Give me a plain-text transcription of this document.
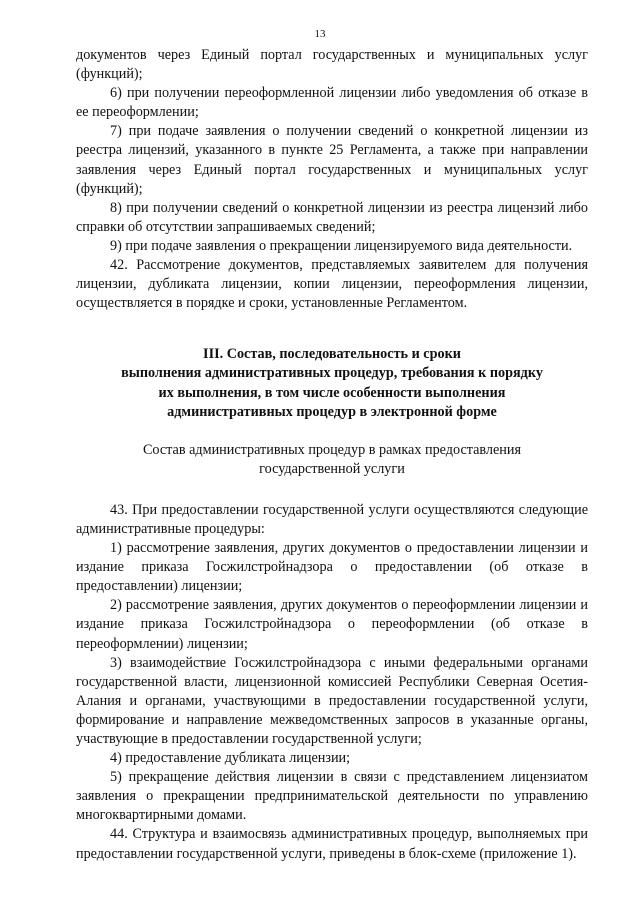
13

документов через Единый портал государственных и муниципальных услуг (функций);

6) при получении переоформленной лицензии либо уведомления об отказе в ее переоформлении;

7) при подаче заявления о получении сведений о конкретной лицензии из реестра лицензий, указанного в пункте 25 Регламента, а также при направлении заявления через Единый портал государственных и муниципальных услуг (функций);

8) при получении сведений о конкретной лицензии из реестра лицензий либо справки об отсутствии запрашиваемых сведений;

9) при подаче заявления о прекращении лицензируемого вида деятельности.

42. Рассмотрение документов, представляемых заявителем для получения лицензии, дубликата лицензии, копии лицензии, переоформления лицензии, осуществляется в порядке и сроки, установленные Регламентом.

III. Состав, последовательность и сроки

выполнения административных процедур, требования к порядку

их выполнения, в том числе особенности выполнения

административных процедур в электронной форме

Состав административных процедур в рамках предоставления

государственной услуги

43. При предоставлении государственной услуги осуществляются следующие административные процедуры:

1) рассмотрение заявления, других документов о предоставлении лицензии и издание приказа Госжилстройнадзора о предоставлении (об отказе в предоставлении) лицензии;

2) рассмотрение заявления, других документов о переоформлении лицензии и издание приказа Госжилстройнадзора о переоформлении (об отказе в переоформлении) лицензии;

3) взаимодействие Госжилстройнадзора с иными федеральными органами государственной власти, лицензионной комиссией Республики Северная Осетия-Алания и органами, участвующими в предоставлении государственной услуги, формирование и направление межведомственных запросов в указанные органы, участвующие в предоставлении государственной услуги;

4) предоставление дубликата лицензии;

5) прекращение действия лицензии в связи с представлением лицензиатом заявления о прекращении предпринимательской деятельности по управлению многоквартирными домами.

44. Структура и взаимосвязь административных процедур, выполняемых при предоставлении государственной услуги, приведены в блок-схеме (приложение 1).
